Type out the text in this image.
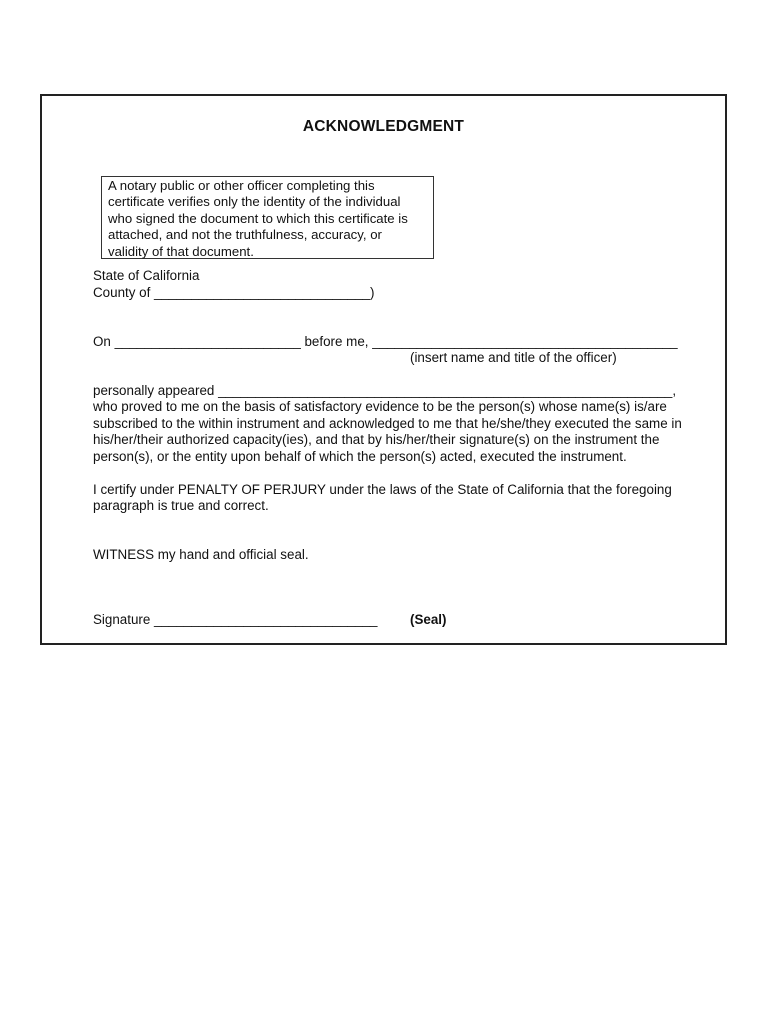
ACKNOWLEDGMENT
A notary public or other officer completing this
certificate verifies only the identity of the individual
who signed the document to which this certificate is
attached, and not the truthfulness, accuracy, or
validity of that document.
State of California
County of _____________________________)
On _________________________ before me, _________________________________________
(insert name and title of the officer)
personally appeared _____________________________________________________________,
who proved to me on the basis of satisfactory evidence to be the person(s) whose name(s) is/are
subscribed to the within instrument and acknowledged to me that he/she/they executed the same in
his/her/their authorized capacity(ies), and that by his/her/their signature(s) on the instrument the
person(s), or the entity upon behalf of which the person(s) acted, executed the instrument.
I certify under PENALTY OF PERJURY under the laws of the State of California that the foregoing
paragraph is true and correct.
WITNESS my hand and official seal.
Signature ______________________________ (Seal)
